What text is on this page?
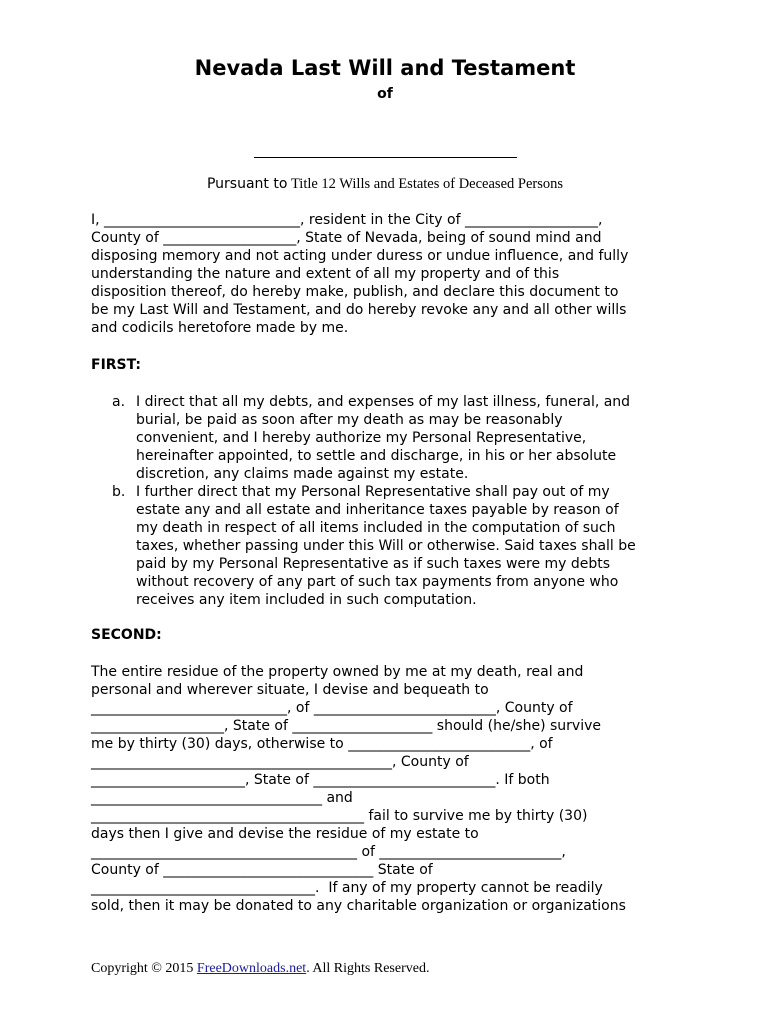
Nevada Last Will and Testament
of
Pursuant to Title 12 Wills and Estates of Deceased Persons
I, ____________________________, resident in the City of ___________________,
County of ___________________, State of Nevada, being of sound mind and
disposing memory and not acting under duress or undue influence, and fully
understanding the nature and extent of all my property and of this
disposition thereof, do hereby make, publish, and declare this document to
be my Last Will and Testament, and do hereby revoke any and all other wills
and codicils heretofore made by me.
FIRST:
a. I direct that all my debts, and expenses of my last illness, funeral, and
burial, be paid as soon after my death as may be reasonably
convenient, and I hereby authorize my Personal Representative,
hereinafter appointed, to settle and discharge, in his or her absolute
discretion, any claims made against my estate.
b. I further direct that my Personal Representative shall pay out of my
estate any and all estate and inheritance taxes payable by reason of
my death in respect of all items included in the computation of such
taxes, whether passing under this Will or otherwise. Said taxes shall be
paid by my Personal Representative as if such taxes were my debts
without recovery of any part of such tax payments from anyone who
receives any item included in such computation.
SECOND:
The entire residue of the property owned by me at my death, real and
personal and wherever situate, I devise and bequeath to
____________________________, of __________________________, County of
___________________, State of ____________________ should (he/she) survive
me by thirty (30) days, otherwise to __________________________, of
___________________________________________, County of
______________________, State of __________________________. If both
_________________________________ and
_______________________________________ fail to survive me by thirty (30)
days then I give and devise the residue of my estate to
______________________________________ of __________________________,
County of ______________________________ State of
________________________________.  If any of my property cannot be readily
sold, then it may be donated to any charitable organization or organizations
Copyright © 2015 FreeDownloads.net. All Rights Reserved.
